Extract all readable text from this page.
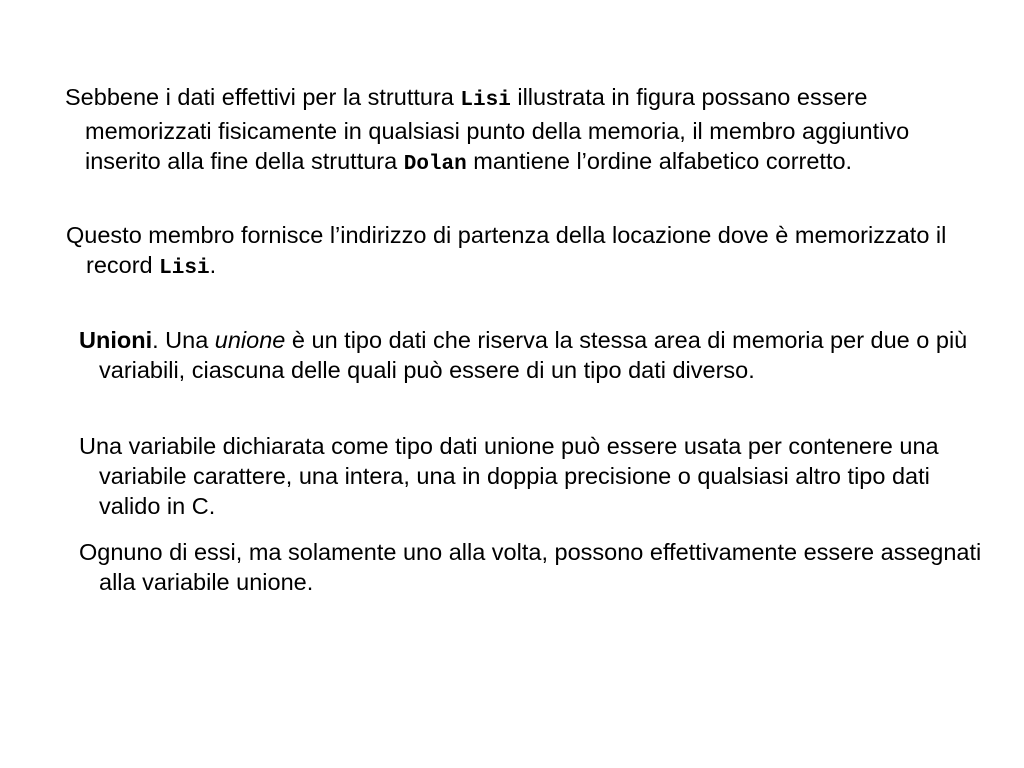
Sebbene i dati effettivi per la struttura Lisi illustrata in figura possano essere memorizzati fisicamente in qualsiasi punto della memoria, il membro aggiuntivo inserito alla fine della struttura Dolan mantiene l’ordine alfabetico corretto.

Questo membro fornisce l’indirizzo di partenza della locazione dove è memorizzato il record Lisi.

Unioni. Una unione è un tipo dati che riserva la stessa area di memoria per due o più variabili, ciascuna delle quali può essere di un tipo dati diverso.

Una variabile dichiarata come tipo dati unione può essere usata per contenere una variabile carattere, una intera, una in doppia precisione o qualsiasi altro tipo dati valido in C.

Ognuno di essi, ma solamente uno alla volta, possono effettivamente essere assegnati alla variabile unione.
